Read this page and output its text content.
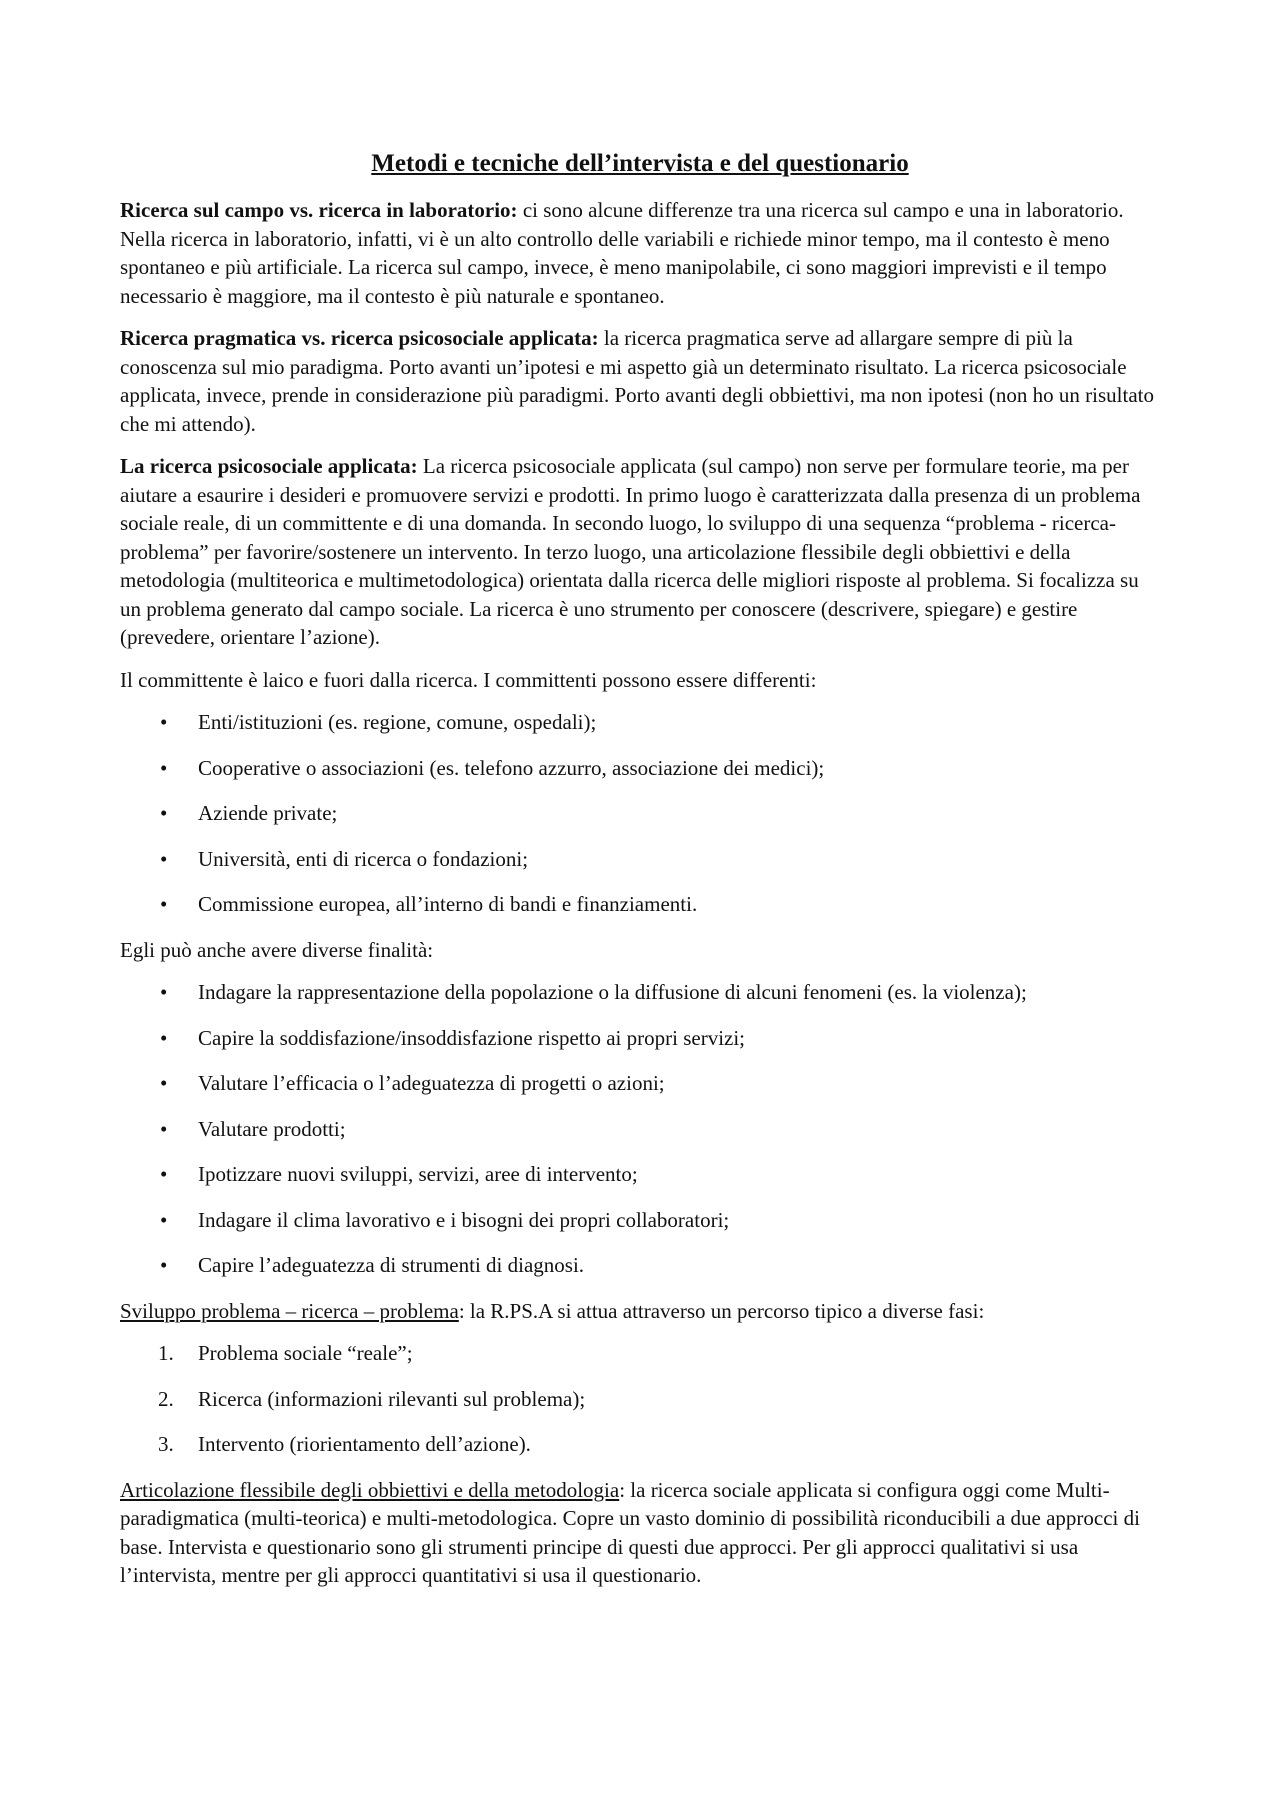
Metodi e tecniche dell’intervista e del questionario

Ricerca sul campo vs. ricerca in laboratorio: ci sono alcune differenze tra una ricerca sul campo e una in laboratorio. Nella ricerca in laboratorio, infatti, vi è un alto controllo delle variabili e richiede minor tempo, ma il contesto è meno spontaneo e più artificiale. La ricerca sul campo, invece, è meno manipolabile, ci sono maggiori imprevisti e il tempo necessario è maggiore, ma il contesto è più naturale e spontaneo.

Ricerca pragmatica vs. ricerca psicosociale applicata: la ricerca pragmatica serve ad allargare sempre di più la conoscenza sul mio paradigma. Porto avanti un’ipotesi e mi aspetto già un determinato risultato. La ricerca psicosociale applicata, invece, prende in considerazione più paradigmi. Porto avanti degli obbiettivi, ma non ipotesi (non ho un risultato che mi attendo).

La ricerca psicosociale applicata: La ricerca psicosociale applicata (sul campo) non serve per formulare teorie, ma per aiutare a esaurire i desideri e promuovere servizi e prodotti. In primo luogo è caratterizzata dalla presenza di un problema sociale reale, di un committente e di una domanda. In secondo luogo, lo sviluppo di una sequenza “problema - ricerca-problema” per favorire/sostenere un intervento. In terzo luogo, una articolazione flessibile degli obbiettivi e della metodologia (multiteorica e multimetodologica) orientata dalla ricerca delle migliori risposte al problema. Si focalizza su un problema generato dal campo sociale. La ricerca è uno strumento per conoscere (descrivere, spiegare) e gestire (prevedere, orientare l’azione).

Il committente è laico e fuori dalla ricerca. I committenti possono essere differenti:

•	Enti/istituzioni (es. regione, comune, ospedali);
•	Cooperative o associazioni (es. telefono azzurro, associazione dei medici);
•	Aziende private;
•	Università, enti di ricerca o fondazioni;
•	Commissione europea, all’interno di bandi e finanziamenti.

Egli può anche avere diverse finalità:

•	Indagare la rappresentazione della popolazione o la diffusione di alcuni fenomeni (es. la violenza);
•	Capire la soddisfazione/insoddisfazione rispetto ai propri servizi;
•	Valutare l’efficacia o l’adeguatezza di progetti o azioni;
•	Valutare prodotti;
•	Ipotizzare nuovi sviluppi, servizi, aree di intervento;
•	Indagare il clima lavorativo e i bisogni dei propri collaboratori;
•	Capire l’adeguatezza di strumenti di diagnosi.

Sviluppo problema – ricerca – problema: la R.PS.A si attua attraverso un percorso tipico a diverse fasi:

1.	Problema sociale “reale”;
2.	Ricerca (informazioni rilevanti sul problema);
3.	Intervento (riorientamento dell’azione).

Articolazione flessibile degli obbiettivi e della metodologia: la ricerca sociale applicata si configura oggi come Multi-paradigmatica (multi-teorica) e multi-metodologica. Copre un vasto dominio di possibilità riconducibili a due approcci di base. Intervista e questionario sono gli strumenti principe di questi due approcci. Per gli approcci qualitativi si usa l’intervista, mentre per gli approcci quantitativi si usa il questionario.
